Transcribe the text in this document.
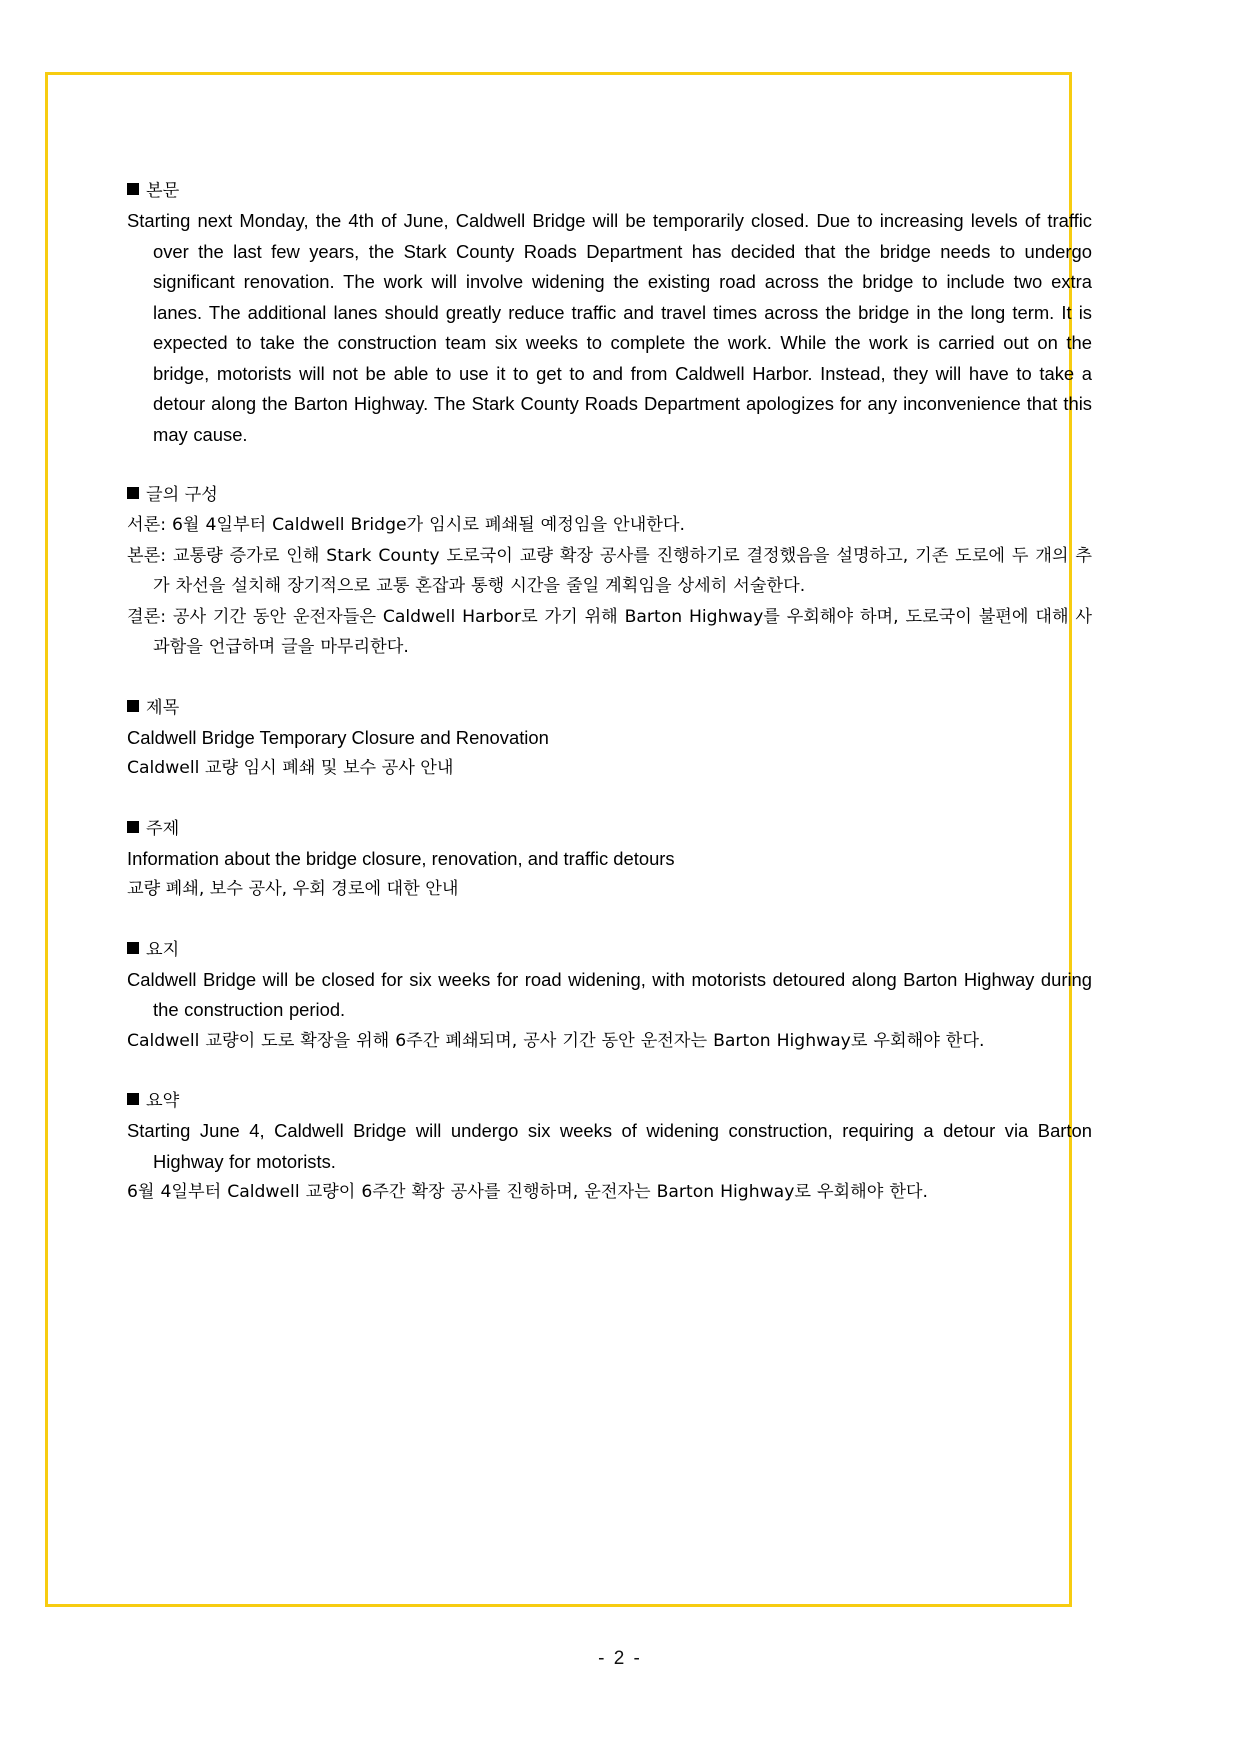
본문

Starting next Monday, the 4th of June, Caldwell Bridge will be temporarily closed. Due to increasing levels of traffic over the last few years, the Stark County Roads Department has decided that the bridge needs to undergo significant renovation. The work will involve widening the existing road across the bridge to include two extra lanes. The additional lanes should greatly reduce traffic and travel times across the bridge in the long term. It is expected to take the construction team six weeks to complete the work. While the work is carried out on the bridge, motorists will not be able to use it to get to and from Caldwell Harbor. Instead, they will have to take a detour along the Barton Highway. The Stark County Roads Department apologizes for any inconvenience that this may cause.

글의 구성

서론: 6월 4일부터 Caldwell Bridge가 임시로 폐쇄될 예정임을 안내한다.

본론: 교통량 증가로 인해 Stark County 도로국이 교량 확장 공사를 진행하기로 결정했음을 설명하고, 기존 도로에 두 개의 추가 차선을 설치해 장기적으로 교통 혼잡과 통행 시간을 줄일 계획임을 상세히 서술한다.

결론: 공사 기간 동안 운전자들은 Caldwell Harbor로 가기 위해 Barton Highway를 우회해야 하며, 도로국이 불편에 대해 사과함을 언급하며 글을 마무리한다.

제목

Caldwell Bridge Temporary Closure and Renovation

Caldwell 교량 임시 폐쇄 및 보수 공사 안내

주제

Information about the bridge closure, renovation, and traffic detours

교량 폐쇄, 보수 공사, 우회 경로에 대한 안내

요지

Caldwell Bridge will be closed for six weeks for road widening, with motorists detoured along Barton Highway during the construction period.

Caldwell 교량이 도로 확장을 위해 6주간 폐쇄되며, 공사 기간 동안 운전자는 Barton Highway로 우회해야 한다.

요약

Starting June 4, Caldwell Bridge will undergo six weeks of widening construction, requiring a detour via Barton Highway for motorists.

6월 4일부터 Caldwell 교량이 6주간 확장 공사를 진행하며, 운전자는 Barton Highway로 우회해야 한다.

- 2 -
